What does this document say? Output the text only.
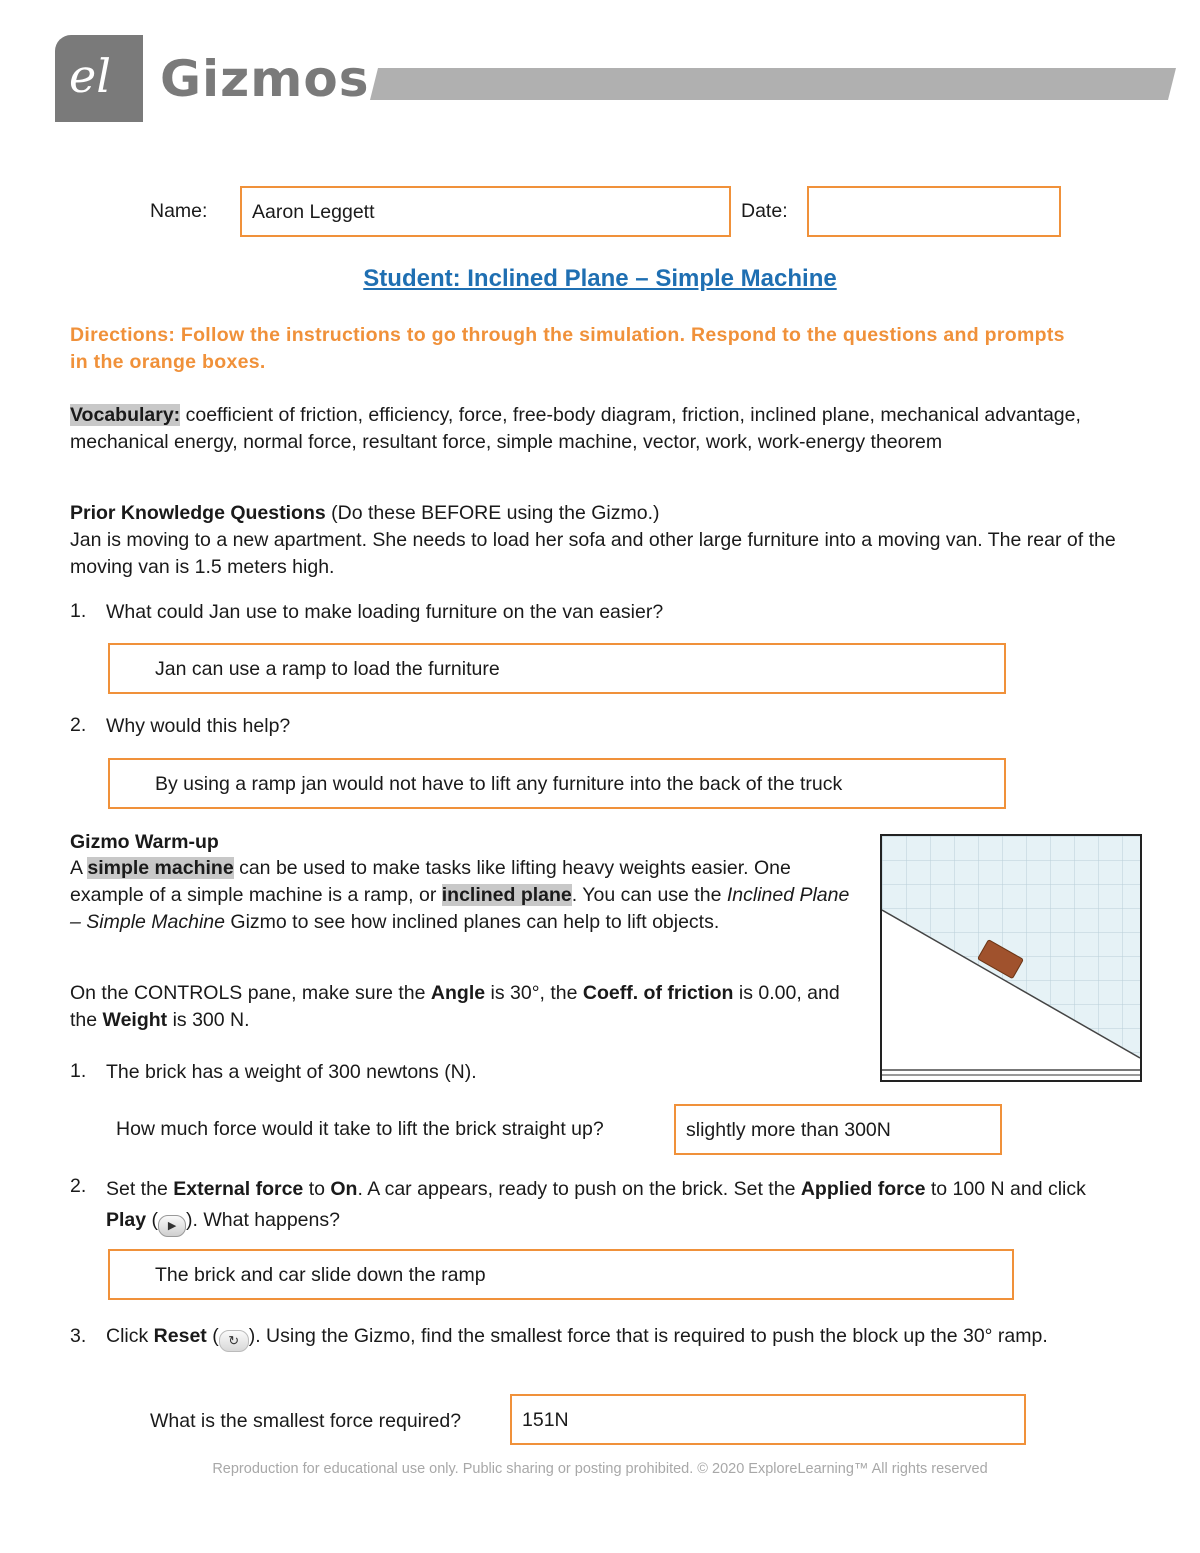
el Gizmos
Name: Aaron Leggett	Date:
Student: Inclined Plane – Simple Machine
Directions: Follow the instructions to go through the simulation. Respond to the questions and prompts in the orange boxes.
Vocabulary: coefficient of friction, efficiency, force, free-body diagram, friction, inclined plane, mechanical advantage, mechanical energy, normal force, resultant force, simple machine, vector, work, work-energy theorem
Prior Knowledge Questions (Do these BEFORE using the Gizmo.)
Jan is moving to a new apartment. She needs to load her sofa and other large furniture into a moving van. The rear of the moving van is 1.5 meters high.
1. What could Jan use to make loading furniture on the van easier?
Jan can use a ramp to load the furniture
2. Why would this help?
By using a ramp jan would not have to lift any furniture into the back of the truck
Gizmo Warm-up
A simple machine can be used to make tasks like lifting heavy weights easier. One example of a simple machine is a ramp, or inclined plane. You can use the Inclined Plane – Simple Machine Gizmo to see how inclined planes can help to lift objects.
On the CONTROLS pane, make sure the Angle is 30°, the Coeff. of friction is 0.00, and the Weight is 300 N.
1. The brick has a weight of 300 newtons (N).
How much force would it take to lift the brick straight up?	slightly more than 300N
2. Set the External force to On. A car appears, ready to push on the brick. Set the Applied force to 100 N and click Play ( ▶ ). What happens?
The brick and car slide down the ramp
3. Click Reset ( ↻ ). Using the Gizmo, find the smallest force that is required to push the block up the 30° ramp.
What is the smallest force required?	151N
Reproduction for educational use only. Public sharing or posting prohibited. © 2020 ExploreLearning™ All rights reserved
